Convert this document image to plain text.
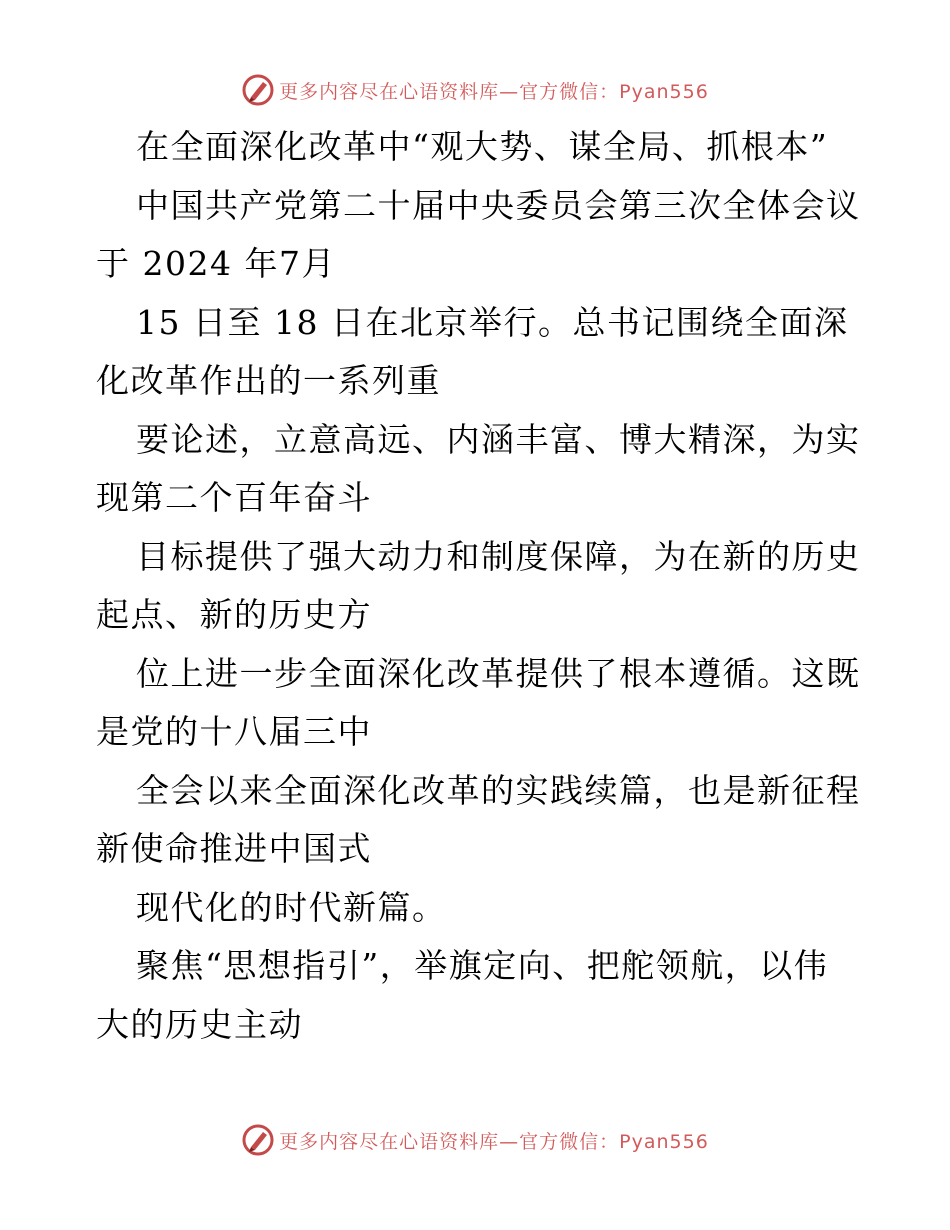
更多内容尽在心语资料库—官方微信：Pyan556
在全面深化改革中“观大势、谋全局、抓根本”
中国共产党第二十届中央委员会第三次全体会议
于 2024 年7月
15 日至 18 日在北京举行。总书记围绕全面深
化改革作出的一系列重
要论述，立意高远、内涵丰富、博大精深，为实
现第二个百年奋斗
目标提供了强大动力和制度保障，为在新的历史
起点、新的历史方
位上进一步全面深化改革提供了根本遵循。这既
是党的十八届三中
全会以来全面深化改革的实践续篇，也是新征程
新使命推进中国式
现代化的时代新篇。
聚焦“思想指引”，举旗定向、把舵领航，以伟
大的历史主动
更多内容尽在心语资料库—官方微信：Pyan556
